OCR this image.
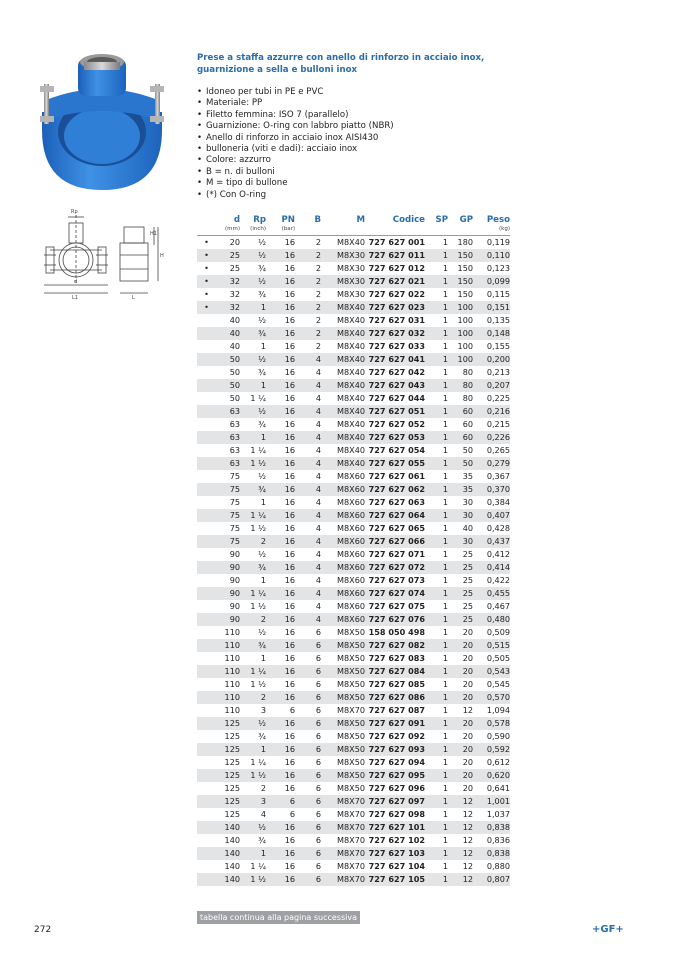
Rp
H1
H
d
L1	L
Prese a staffa azzurre con anello di rinforzo in acciaio inox,
guarnizione a sella e bulloni inox
• Idoneo per tubi in PE e PVC
• Materiale: PP
• Filetto femmina: ISO 7 (parallelo)
• Guarnizione: O-ring con labbro piatto (NBR)
• Anello di rinforzo in acciaio inox AISI430
• bulloneria (viti e dadi): acciaio inox
• Colore: azzurro
• B = n. di bulloni
• M = tipo di bullone
• (*) Con O-ring
	d	Rp	PN	B	M	Codice	SP	GP	Peso
	(mm)	(inch)	(bar)						(kg)
•	20	½	16	2	M8X40	727 627 001	1	180	0,119
•	25	½	16	2	M8X30	727 627 011	1	150	0,110
•	25	¾	16	2	M8X30	727 627 012	1	150	0,123
•	32	½	16	2	M8X30	727 627 021	1	150	0,099
•	32	¾	16	2	M8X30	727 627 022	1	150	0,115
•	32	1	16	2	M8X40	727 627 023	1	100	0,151
	40	½	16	2	M8X40	727 627 031	1	100	0,135
	40	¾	16	2	M8X40	727 627 032	1	100	0,148
	40	1	16	2	M8X40	727 627 033	1	100	0,155
	50	½	16	4	M8X40	727 627 041	1	100	0,200
	50	¾	16	4	M8X40	727 627 042	1	80	0,213
	50	1	16	4	M8X40	727 627 043	1	80	0,207
	50	1 ¼	16	4	M8X40	727 627 044	1	80	0,225
	63	½	16	4	M8X40	727 627 051	1	60	0,216
	63	¾	16	4	M8X40	727 627 052	1	60	0,215
	63	1	16	4	M8X40	727 627 053	1	60	0,226
	63	1 ¼	16	4	M8X40	727 627 054	1	50	0,265
	63	1 ½	16	4	M8X40	727 627 055	1	50	0,279
	75	½	16	4	M8X60	727 627 061	1	35	0,367
	75	¾	16	4	M8X60	727 627 062	1	35	0,370
	75	1	16	4	M8X60	727 627 063	1	30	0,384
	75	1 ¼	16	4	M8X60	727 627 064	1	30	0,407
	75	1 ½	16	4	M8X60	727 627 065	1	40	0,428
	75	2	16	4	M8X60	727 627 066	1	30	0,437
	90	½	16	4	M8X60	727 627 071	1	25	0,412
	90	¾	16	4	M8X60	727 627 072	1	25	0,414
	90	1	16	4	M8X60	727 627 073	1	25	0,422
	90	1 ¼	16	4	M8X60	727 627 074	1	25	0,455
	90	1 ½	16	4	M8X60	727 627 075	1	25	0,467
	90	2	16	4	M8X60	727 627 076	1	25	0,480
	110	½	16	6	M8X50	158 050 498	1	20	0,509
	110	¾	16	6	M8X50	727 627 082	1	20	0,515
	110	1	16	6	M8X50	727 627 083	1	20	0,505
	110	1 ¼	16	6	M8X50	727 627 084	1	20	0,543
	110	1 ½	16	6	M8X50	727 627 085	1	20	0,545
	110	2	16	6	M8X50	727 627 086	1	20	0,570
	110	3	6	6	M8X70	727 627 087	1	12	1,094
	125	½	16	6	M8X50	727 627 091	1	20	0,578
	125	¾	16	6	M8X50	727 627 092	1	20	0,590
	125	1	16	6	M8X50	727 627 093	1	20	0,592
	125	1 ¼	16	6	M8X50	727 627 094	1	20	0,612
	125	1 ½	16	6	M8X50	727 627 095	1	20	0,620
	125	2	16	6	M8X50	727 627 096	1	20	0,641
	125	3	6	6	M8X70	727 627 097	1	12	1,001
	125	4	6	6	M8X70	727 627 098	1	12	1,037
	140	½	16	6	M8X70	727 627 101	1	12	0,838
	140	¾	16	6	M8X70	727 627 102	1	12	0,836
	140	1	16	6	M8X70	727 627 103	1	12	0,838
	140	1 ¼	16	6	M8X70	727 627 104	1	12	0,880
	140	1 ½	16	6	M8X70	727 627 105	1	12	0,807
tabella continua alla pagina successiva
272	+GF+
